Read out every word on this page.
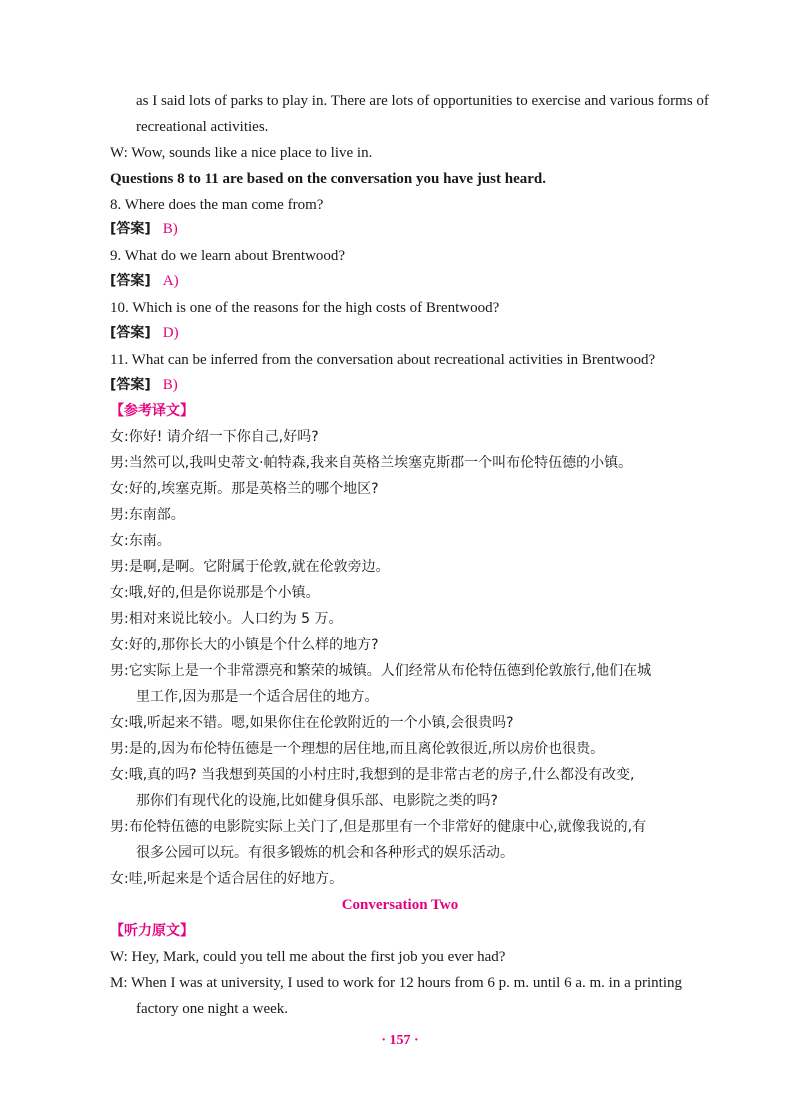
as I said lots of parks to play in. There are lots of opportunities to exercise and various forms of
recreational activities.
W: Wow, sounds like a nice place to live in.
Questions 8 to 11 are based on the conversation you have just heard.
8. Where does the man come from?
[答案] B)
9. What do we learn about Brentwood?
[答案] A)
10. Which is one of the reasons for the high costs of Brentwood?
[答案] D)
11. What can be inferred from the conversation about recreational activities in Brentwood?
[答案] B)
【参考译文】
女:你好! 请介绍一下你自己,好吗?
男:当然可以,我叫史蒂文·帕特森,我来自英格兰埃塞克斯郡一个叫布伦特伍德的小镇。
女:好的,埃塞克斯。那是英格兰的哪个地区?
男:东南部。
女:东南。
男:是啊,是啊。它附属于伦敦,就在伦敦旁边。
女:哦,好的,但是你说那是个小镇。
男:相对来说比较小。人口约为 5 万。
女:好的,那你长大的小镇是个什么样的地方?
男:它实际上是一个非常漂亮和繁荣的城镇。人们经常从布伦特伍德到伦敦旅行,他们在城
里工作,因为那是一个适合居住的地方。
女:哦,听起来不错。嗯,如果你住在伦敦附近的一个小镇,会很贵吗?
男:是的,因为布伦特伍德是一个理想的居住地,而且离伦敦很近,所以房价也很贵。
女:哦,真的吗? 当我想到英国的小村庄时,我想到的是非常古老的房子,什么都没有改变,
那你们有现代化的设施,比如健身俱乐部、电影院之类的吗?
男:布伦特伍德的电影院实际上关门了,但是那里有一个非常好的健康中心,就像我说的,有
很多公园可以玩。有很多锻炼的机会和各种形式的娱乐活动。
女:哇,听起来是个适合居住的好地方。
Conversation Two
【听力原文】
W: Hey, Mark, could you tell me about the first job you ever had?
M: When I was at university, I used to work for 12 hours from 6 p. m. until 6 a. m. in a printing
factory one night a week.
· 157 ·
